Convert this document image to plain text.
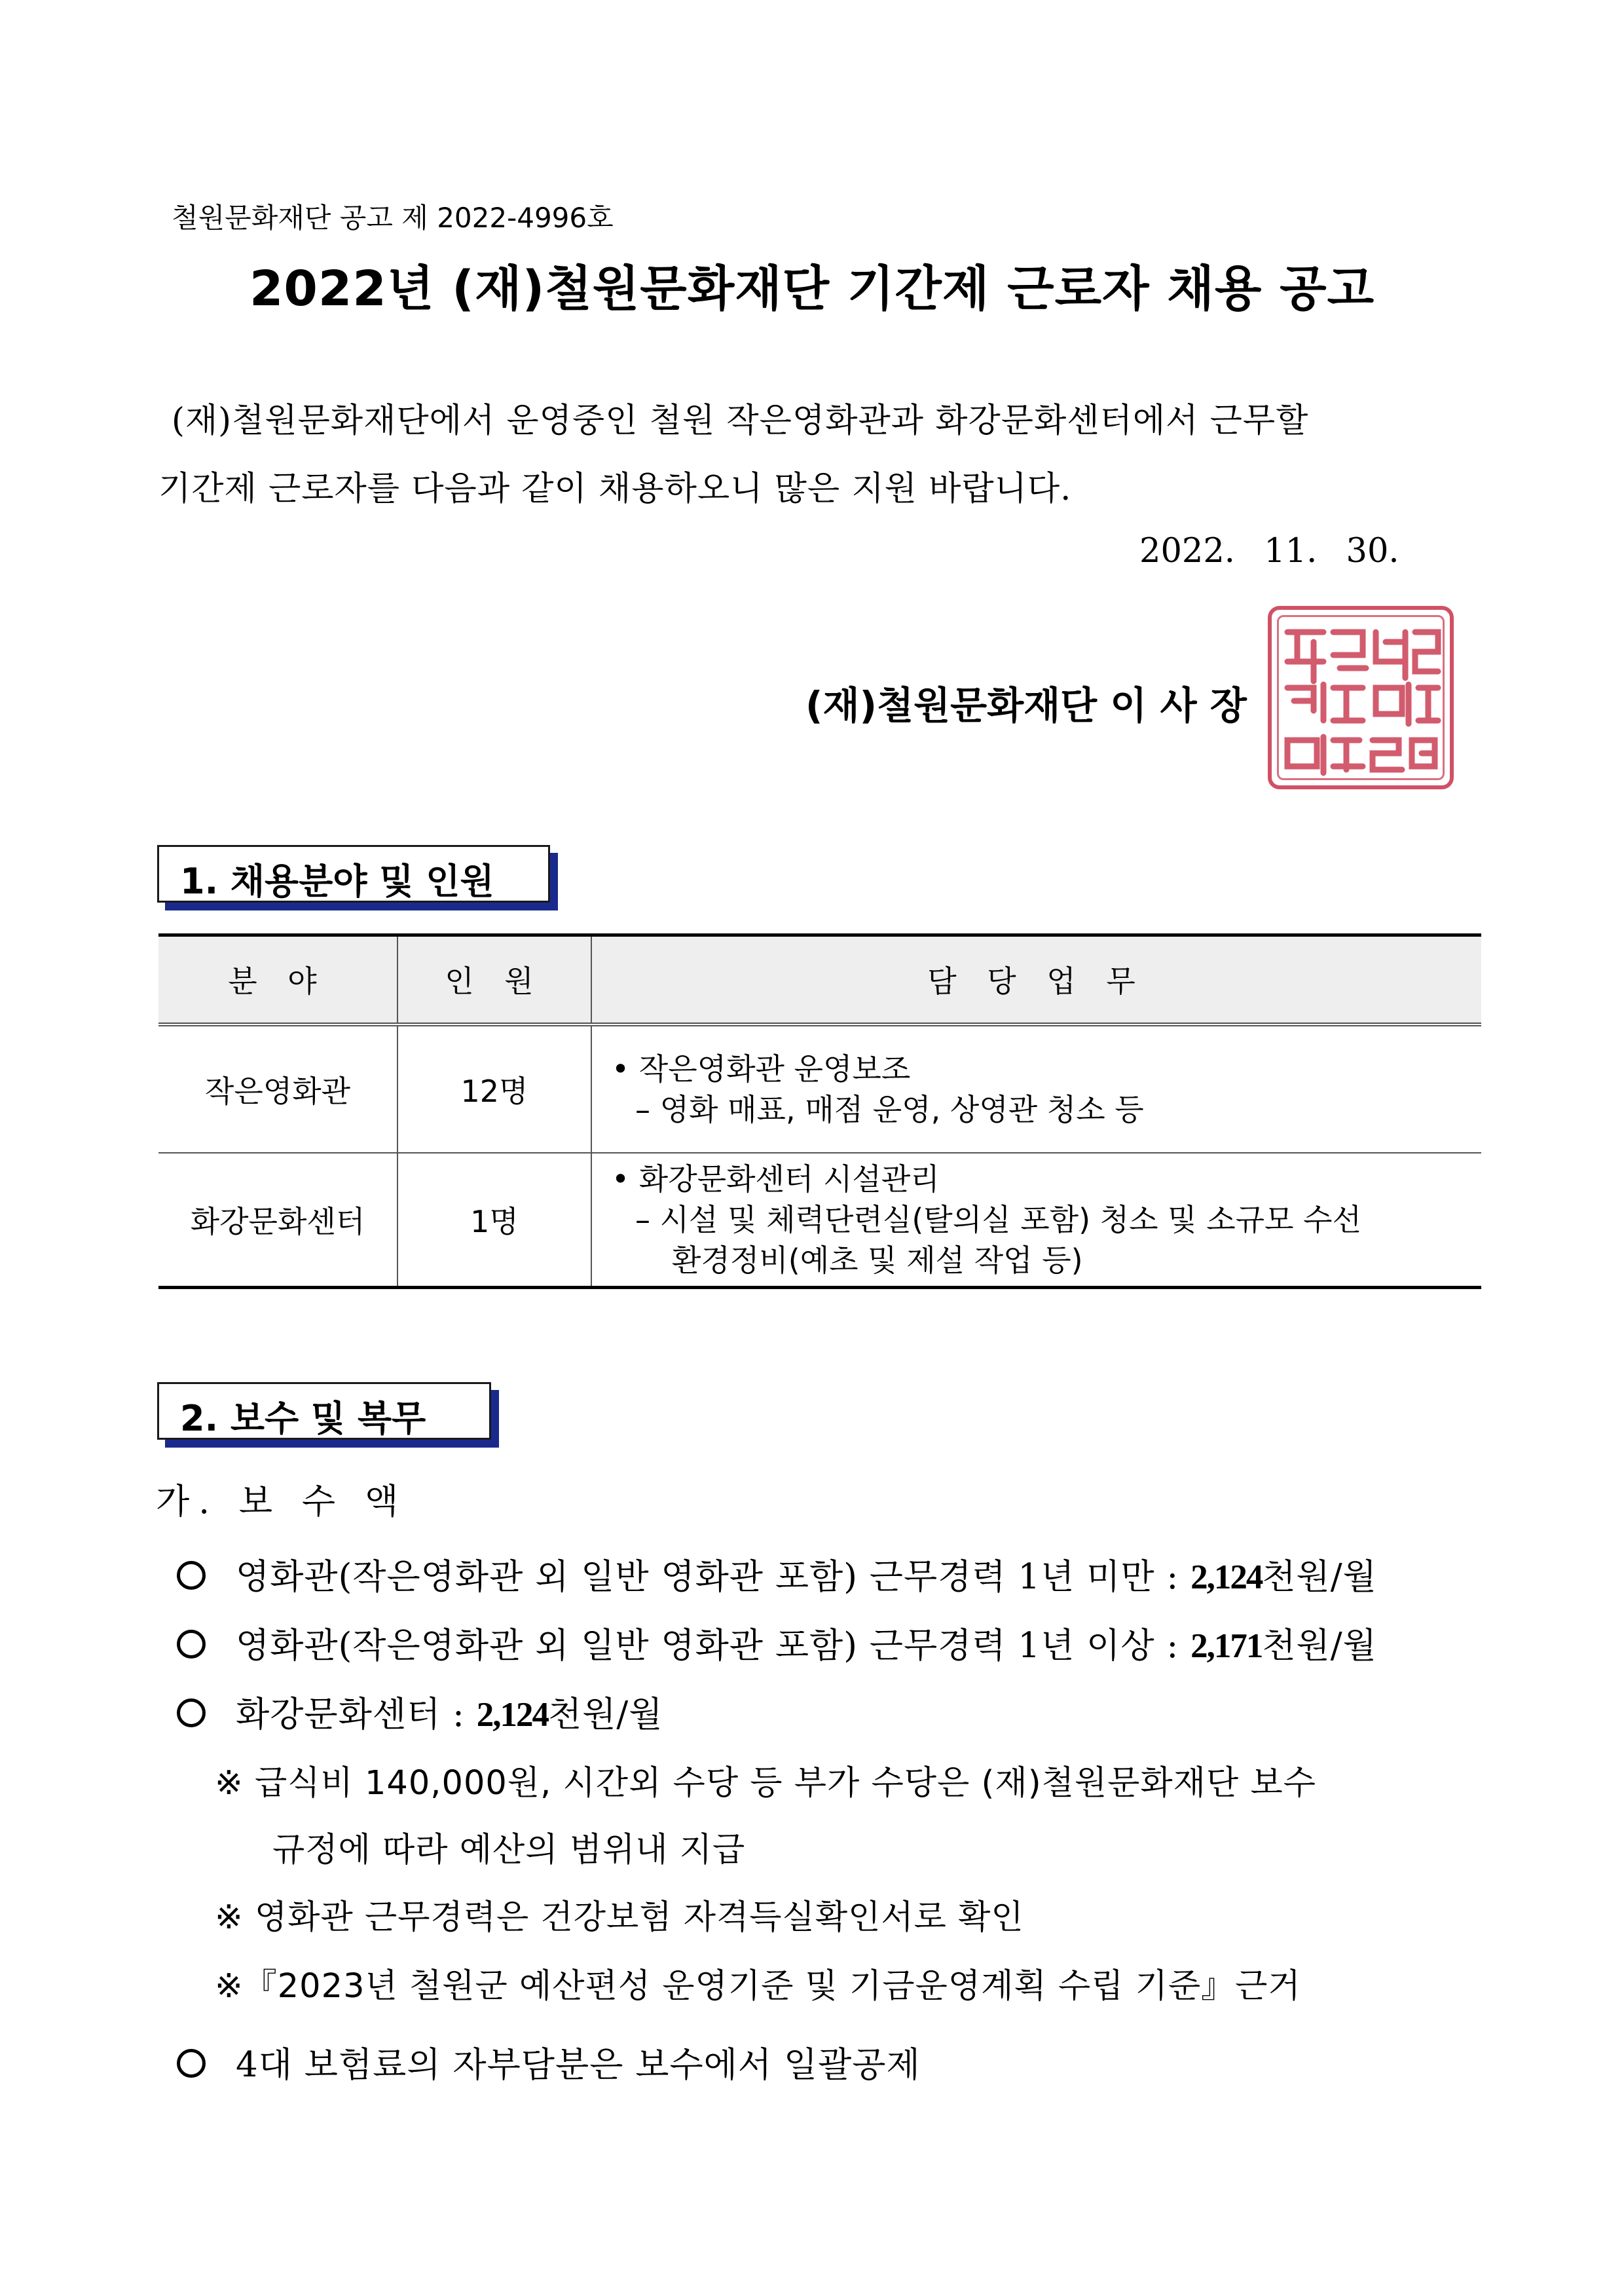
철원문화재단 공고 제 2022-4996호
2022년 (재)철원문화재단 기간제 근로자 채용 공고
(재)철원문화재단에서 운영중인 철원 작은영화관과 화강문화센터에서 근무할
기간제 근로자를 다음과 같이 채용하오니 많은 지원 바랍니다.
2022. 11. 30.
(재)철원문화재단 이 사 장
1. 채용분야 및 인원
분 야	인 원	담 당 업 무
작은영화관	12명	• 작은영화관 운영보조
– 영화 매표, 매점 운영, 상영관 청소 등

화강문화센터	1명	• 화강문화센터 시설관리
– 시설 및 체력단련실(탈의실 포함) 청소 및 소규모 수선
환경정비(예초 및 제설 작업 등)
2. 보수 및 복무
가. 보 수 액
영화관(작은영화관 외 일반 영화관 포함) 근무경력 1년 미만 : 2,124천원/월
영화관(작은영화관 외 일반 영화관 포함) 근무경력 1년 이상 : 2,171천원/월
화강문화센터 : 2,124천원/월
※ 급식비 140,000원, 시간외 수당 등 부가 수당은 (재)철원문화재단 보수
규정에 따라 예산의 범위내 지급
※ 영화관 근무경력은 건강보험 자격득실확인서로 확인
※『2023년 철원군 예산편성 운영기준 및 기금운영계획 수립 기준』근거
4대 보험료의 자부담분은 보수에서 일괄공제
